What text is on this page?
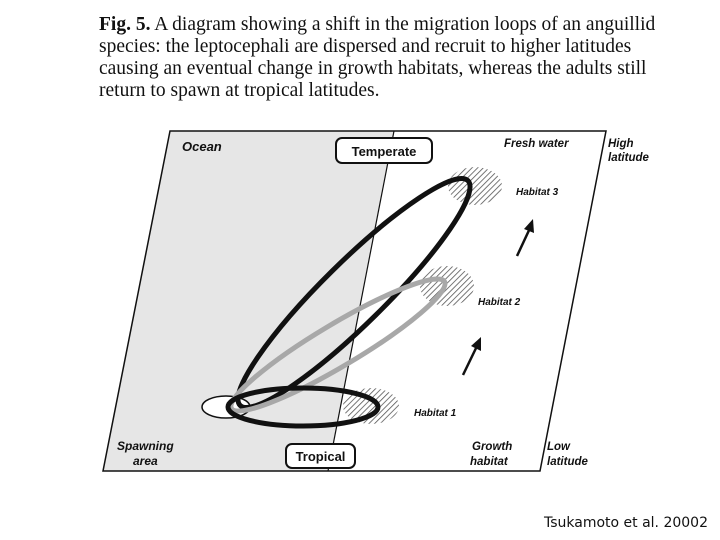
Fig. 5. A diagram showing a shift in the migration loops of an anguillid species: the leptocephali are dispersed and recruit to higher latitudes causing an eventual change in growth habitats, whereas the adults still return to spawn at tropical latitudes.
Ocean	Fresh water	High
latitude
Low
latitude
Spawning
area
Growth
habitat
Habitat 3
Habitat 2
Habitat 1
Temperate
Tropical
Tsukamoto et al. 20002
